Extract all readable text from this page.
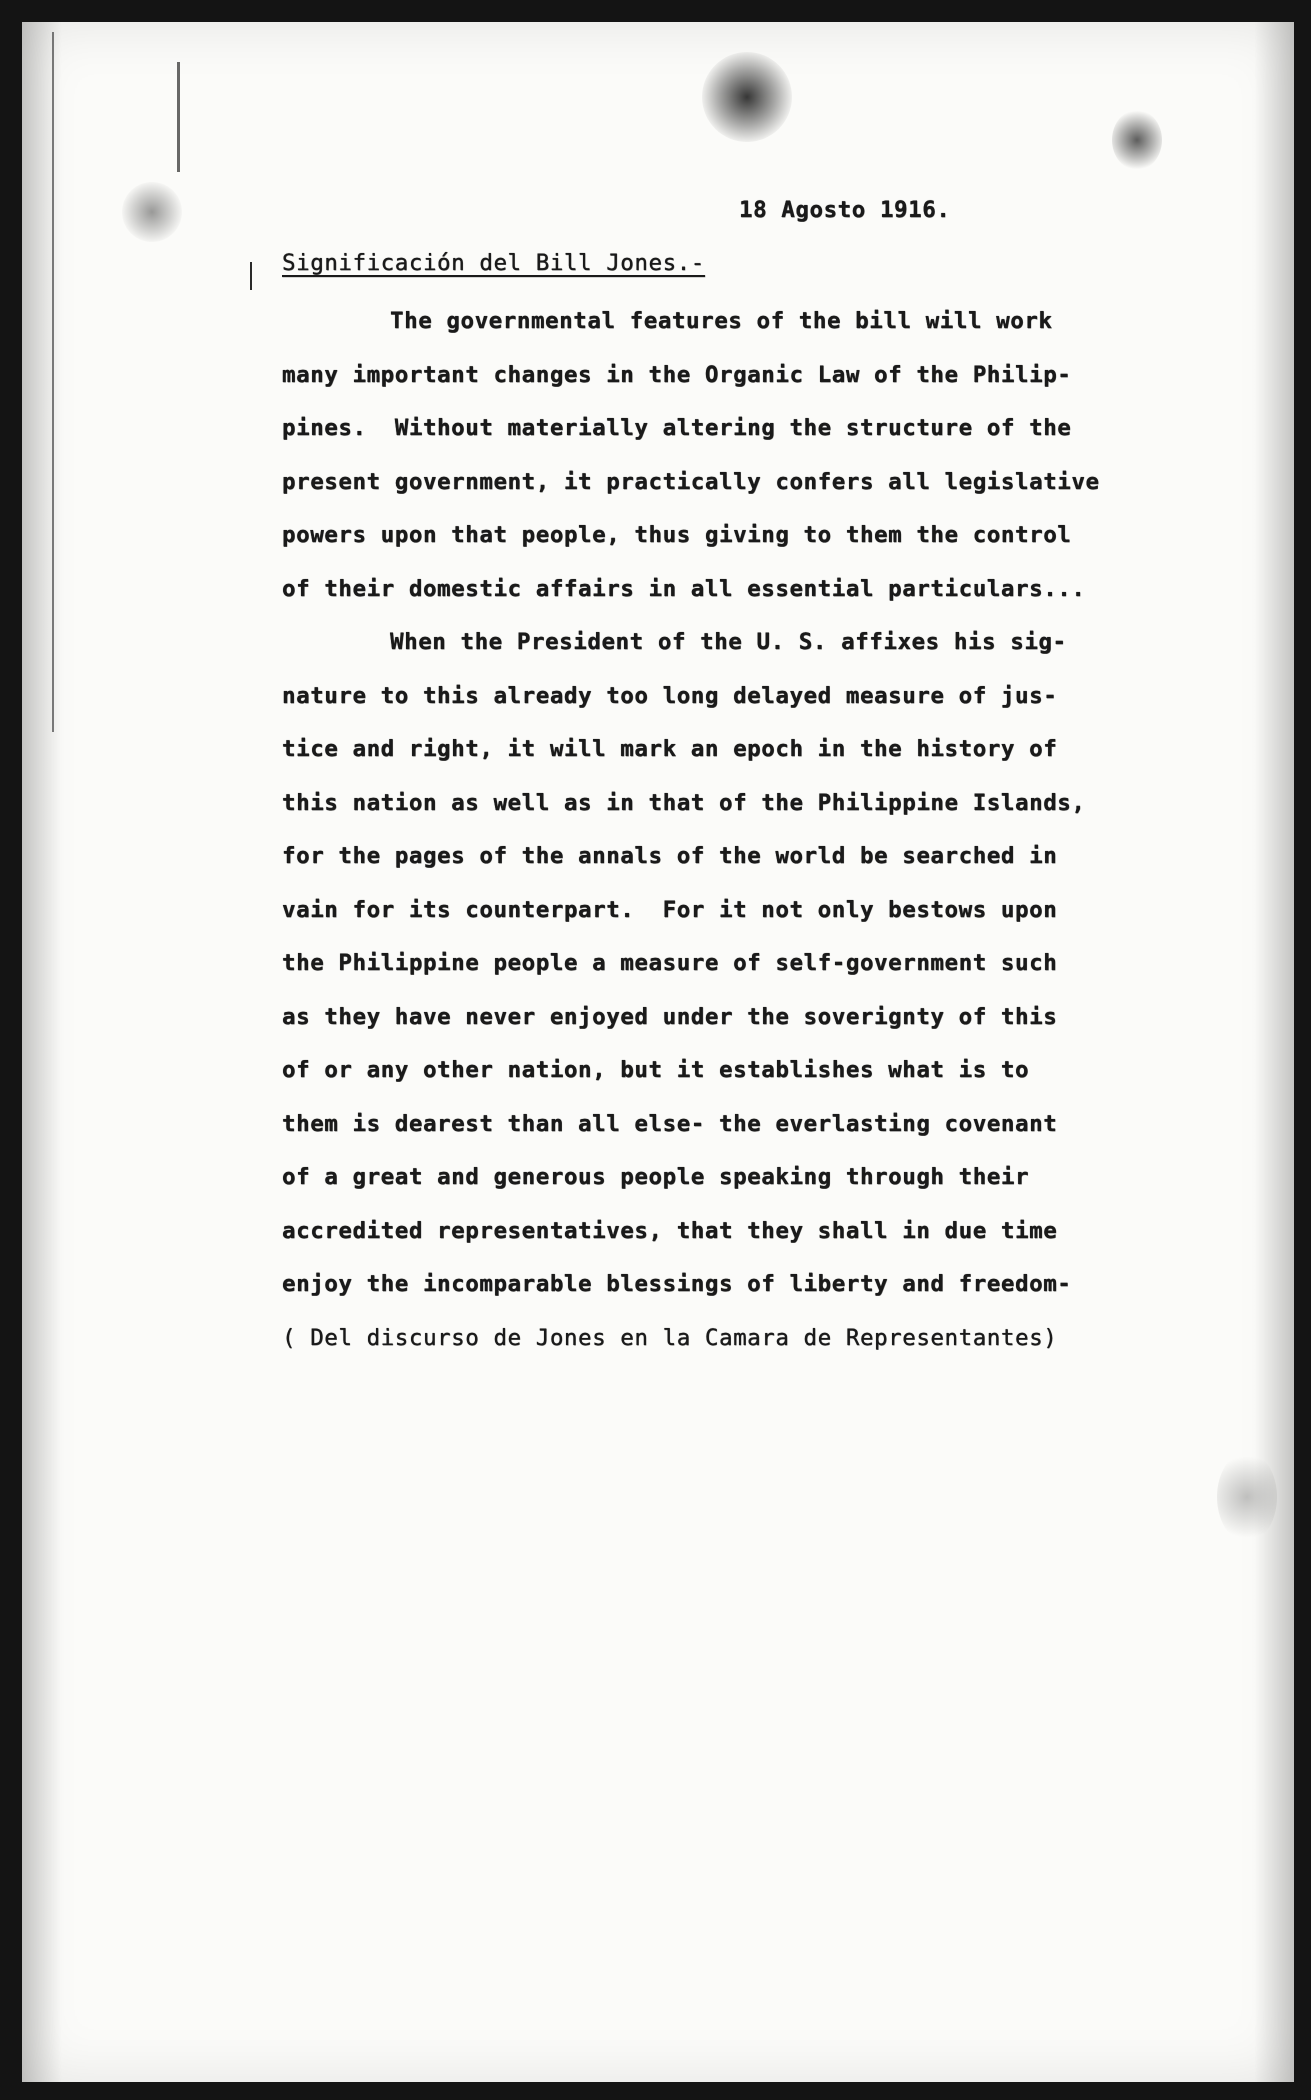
18 Agosto 1916.
Significación del Bill Jones.-
The governmental features of the bill will work
many important changes in the Organic Law of the Philip-
pines.  Without materially altering the structure of the
present government, it practically confers all legislative
powers upon that people, thus giving to them the control
of their domestic affairs in all essential particulars...
When the President of the U. S. affixes his sig-
nature to this already too long delayed measure of jus-
tice and right, it will mark an epoch in the history of
this nation as well as in that of the Philippine Islands,
for the pages of the annals of the world be searched in
vain for its counterpart.  For it not only bestows upon
the Philippine people a measure of self-government such
as they have never enjoyed under the soverignty of this
of or any other nation, but it establishes what is to
them is dearest than all else- the everlasting covenant
of a great and generous people speaking through their
accredited representatives, that they shall in due time
enjoy the incomparable blessings of liberty and freedom-
( Del discurso de Jones en la Camara de Representantes)
